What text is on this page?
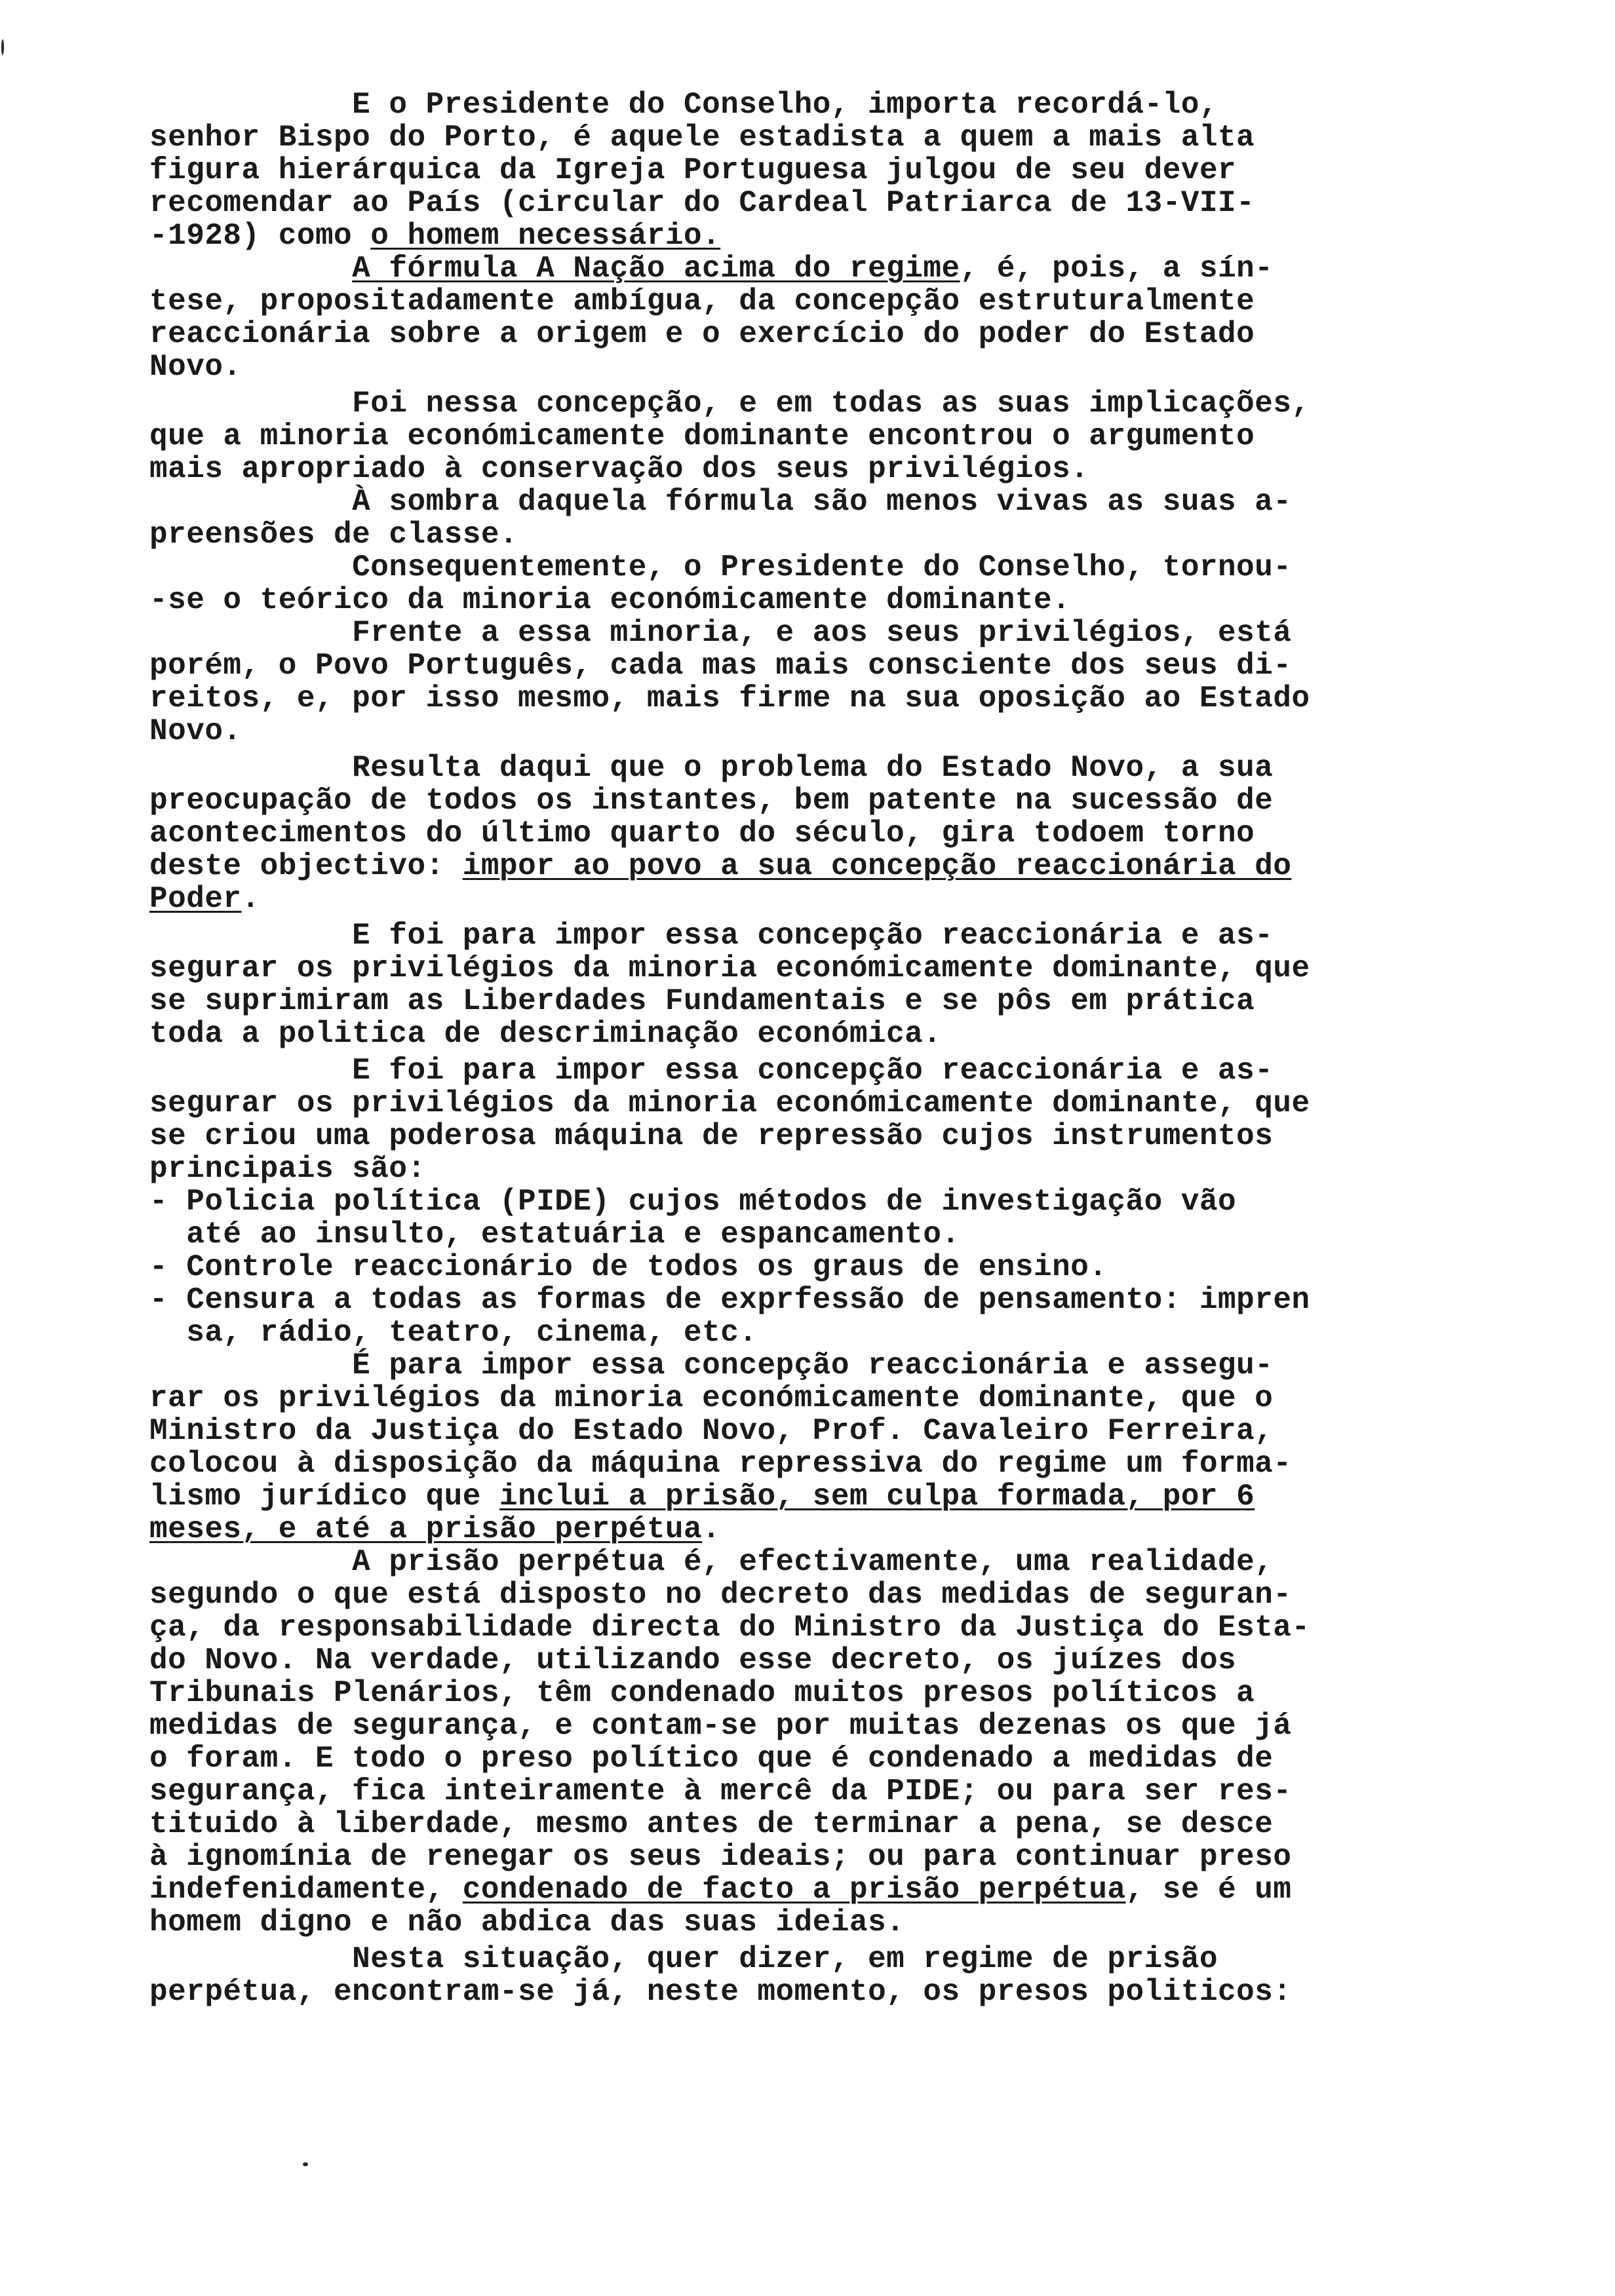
E o Presidente do Conselho, importa recordá-lo,
senhor Bispo do Porto, é aquele estadista a quem a mais alta
figura hierárquica da Igreja Portuguesa julgou de seu dever
recomendar ao País (circular do Cardeal Patriarca de 13-VII-
-1928) como o homem necessário.
A fórmula A Nação acima do regime, é, pois, a sín-
tese, propositadamente ambígua, da concepção estruturalmente
reaccionária sobre a origem e o exercício do poder do Estado
Novo.
Foi nessa concepção, e em todas as suas implicações,
que a minoria económicamente dominante encontrou o argumento
mais apropriado à conservação dos seus privilégios.
À sombra daquela fórmula são menos vivas as suas a-
preensões de classe.
Consequentemente, o Presidente do Conselho, tornou-
-se o teórico da minoria económicamente dominante.
Frente a essa minoria, e aos seus privilégios, está
porém, o Povo Português, cada mas mais consciente dos seus di-
reitos, e, por isso mesmo, mais firme na sua oposição ao Estado
Novo.
Resulta daqui que o problema do Estado Novo, a sua
preocupação de todos os instantes, bem patente na sucessão de
acontecimentos do último quarto do século, gira todoem torno
deste objectivo: impor ao povo a sua concepção reaccionária do
Poder.
E foi para impor essa concepção reaccionária e as-
segurar os privilégios da minoria económicamente dominante, que
se suprimiram as Liberdades Fundamentais e se pôs em prática
toda a politica de descriminação económica.
E foi para impor essa concepção reaccionária e as-
segurar os privilégios da minoria económicamente dominante, que
se criou uma poderosa máquina de repressão cujos instrumentos
principais são:
- Policia política (PIDE) cujos métodos de investigação vão
até ao insulto, estatuária e espancamento.
- Controle reaccionário de todos os graus de ensino.
- Censura a todas as formas de exprfessão de pensamento: impren
sa, rádio, teatro, cinema, etc.
É para impor essa concepção reaccionária e assegu-
rar os privilégios da minoria económicamente dominante, que o
Ministro da Justiça do Estado Novo, Prof. Cavaleiro Ferreira,
colocou à disposição da máquina repressiva do regime um forma-
lismo jurídico que inclui a prisão, sem culpa formada, por 6
meses, e até a prisão perpétua.
A prisão perpétua é, efectivamente, uma realidade,
segundo o que está disposto no decreto das medidas de seguran-
ça, da responsabilidade directa do Ministro da Justiça do Esta-
do Novo. Na verdade, utilizando esse decreto, os juízes dos
Tribunais Plenários, têm condenado muitos presos políticos a
medidas de segurança, e contam-se por muitas dezenas os que já
o foram. E todo o preso político que é condenado a medidas de
segurança, fica inteiramente à mercê da PIDE; ou para ser res-
tituido à liberdade, mesmo antes de terminar a pena, se desce
à ignomínia de renegar os seus ideais; ou para continuar preso
indefenidamente, condenado de facto a prisão perpétua, se é um
homem digno e não abdica das suas ideias.
Nesta situação, quer dizer, em regime de prisão
perpétua, encontram-se já, neste momento, os presos politicos:
